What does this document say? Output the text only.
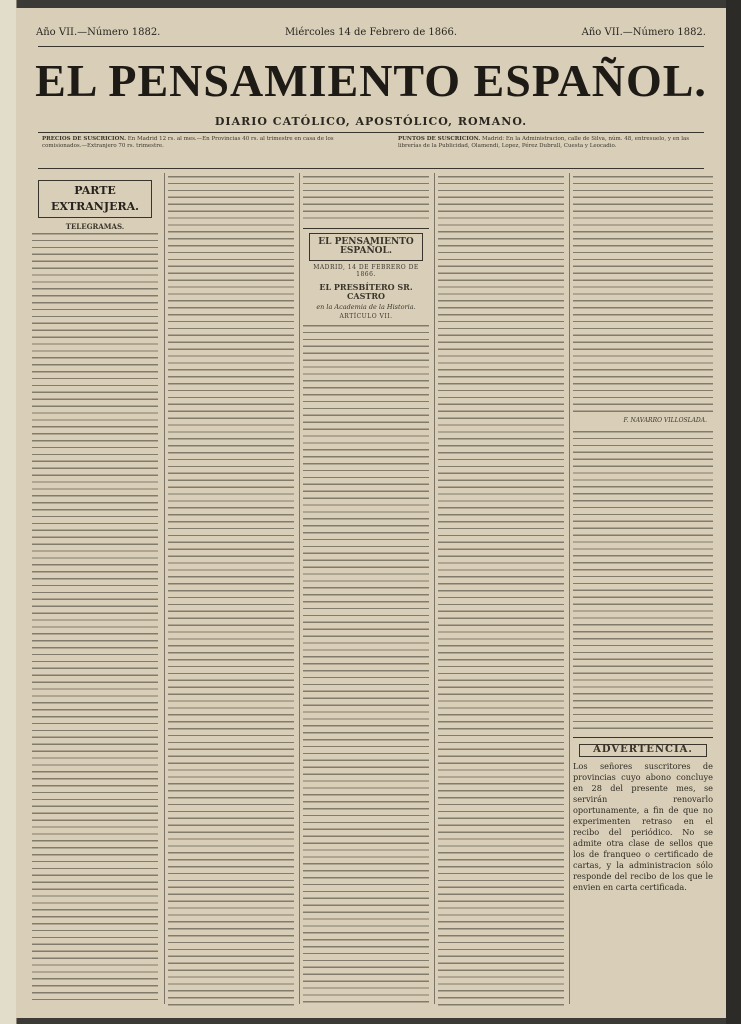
Año VII.—Número 1882.	Miércoles 14 de Febrero de 1866.	Año VII.—Número 1882.
EL PENSAMIENTO ESPAÑOL.
DIARIO CATÓLICO, APOSTÓLICO, ROMANO.
PRECIOS DE SUSCRICION. En Madrid 12 rs. al mes.—En Provincias 40 rs. al trimestre en casa de los comisionados.—Extranjero 70 rs. trimestre.
PUNTOS DE SUSCRICION. Madrid: En la Administracion, calle de Silva, núm. 48, entresuelo, y en las librerías de la Publicidad, Olamendi, Lopez, Pérez Dubrull, Cuesta y Leocadio.
PARTE EXTRANJERA.
TELEGRAMAS.
EL PENSAMIENTO ESPAÑOL.
MADRID, 14 DE FEBRERO DE 1866.
EL PRESBÍTERO SR. CASTRO
en la Academia de la Historia.
ARTÍCULO VII.
F. NAVARRO VILLOSLADA.
ADVERTENCIA.
Los señores suscritores de provincias cuyo abono concluye en 28 del presente mes, se servirán renovarlo oportunamente, a fin de que no experimenten retraso en el recibo del periódico. No se admite otra clase de sellos que los de franqueo o certificado de cartas, y la administracion sólo responde del recibo de los que le envien en carta certificada.
